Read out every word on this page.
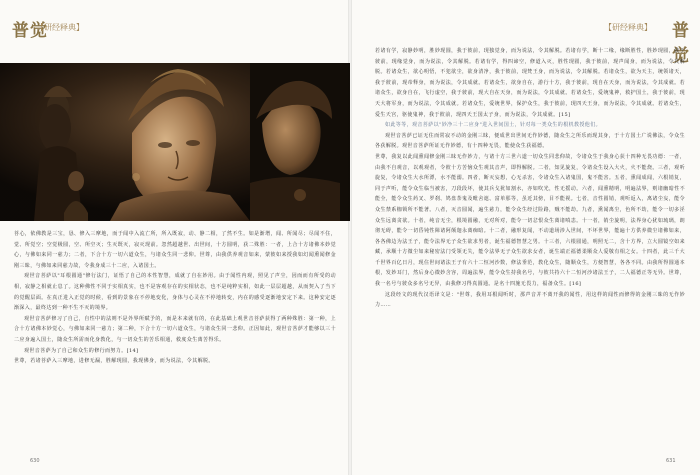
普觉
【研经释典】

菩心，依佛教是三宝，恳、修入三摩地，而于闻中入流亡所，所入既寂，动、静二相，了然不生。如是渐增，闻、所闻尽；尽闻不住，觉、所觉空；空觉极圆，空、所空灭；生灭既灭，寂灭现前。忽然超越世、出世间，十方圆明，获二殊胜：一者，上合十方诸佛本妙觉心，与佛如来同一慈力；二者，下合十方一切六道众生，与诸众生同一悲仰。世尊，由我供养观音如来，蒙彼如来授我如幻闻熏闻修金刚三昧，与佛如来同慈力故，令我身成三十二应，入诸国土。

观世音菩萨以"耳根圆通"修行法门，证悟了自己的本性智慧，成就了自在妙用。由于闻性内观，照见了声尘，因而而有所受的动相，寂静之相就止息了。这种佛性不同于实相真实，也不是客观存在的实相状态，也不是纯粹实相，如此一层层超越，从而契入了当下的觉醒层面。在真正进入正觉的时候，看到的景象在不停地变化，身体与心灵在不停地转变，内在的感受逐渐地安定下来。这种安定逐渐深入，最终达到一种不生不灭的境界。

观世音菩萨修习了自己，自性中的法则不是外界所赋予的，而是本来就有的，在此基础上观世音菩萨获得了两种殊胜：第一种，上合十方诸佛本妙觉心，与佛如来同一慈力；第二种，下合十方一切六道众生，与诸众生同一悲仰。正因如此，观世音菩萨才能够以三十二应身遍入国土，随众生所需而化身教化，与一切众生的苦乐相通，救度众生离苦得乐。

观世音菩萨为了自己和众生的修行而努力。[14]

世尊，若诸菩萨入三摩地，进修无漏，胜解现圆，我现佛身，而为说法，令其解脱。

630
【研经释典】 普觉

若诸有学，寂静妙明，胜妙现圆，我于彼前，现独觉身，而为说法，令其解脱。若诸有学，断十二缘，缘断胜性，胜妙现圆，我于彼前，现缘觉身，而为说法，令其解脱。若诸有学，得四谛空，修道入灭，胜性现圆，我于彼前，现声闻身，而为说法，令其解脱。若诸众生，欲心明悟，不犯欲尘，欲身清净，我于彼前，现梵王身，而为说法，令其解脱。若诸众生，欲为天主，统领诸天，我于彼前，现帝释身，而为说法，令其成就。若诸众生，欲身自在，游行十方，我于彼前，现自在天身，而为说法，令其成就。若诸众生，欲身自在，飞行虚空，我于彼前，现大自在天身，而为说法，令其成就。若诸众生，爱统鬼神，救护国土，我于彼前，现天大将军身，而为说法，令其成就。若诸众生，爱统世界，保护众生，我于彼前，现四天王身，而为说法，令其成就。若诸众生，爱生天宫，驱使鬼神，我于彼前，现四天王国太子身，而为说法，令其成就。[15]

如此等等，观音菩萨以"妙净三十二应身"进入世间国土，针对每一类众生的根机教授他们。

观世音菩萨已证无住而常寂不动的金刚三昧，便成世出世间无作妙德，随众生之所乐而现其身，于十方国土广说佛法，令众生各获解脱。观世音菩萨所证无作妙德，有十四种无畏，能使众生获福德。

世尊，我复以此闻熏闻修金刚三昧无作妙力，与诸十方三世六道一切众生同悲仰故，令诸众生于我身心获十四种无畏功德：一者，由我不自观音，以观观者，令彼十方苦恼众生观其音声，即得解脱。二者，知见旋复，令诸众生设入大火，火不能烧。三者，观听旋复，令诸众生大水所漂，水不能溺。四者，断灭妄想，心无杀害，令诸众生入诸鬼国，鬼不能害。五者，熏闻成闻，六根销复，同于声听，能令众生临当被害，刀段段坏，使其兵戈犹如割水，亦如吹光，性无摇动。六者，闻熏精明，明遍法界，则诸幽暗性不能全，能令众生药叉、罗刹、鸠盘荼鬼及毗舍遮、富单那等，虽近其傍，目不能视。七者，音性圆销，观听返入，离诸尘妄，能令众生禁系枷锁所不能著。八者，灭音圆闻，遍生慈力，能令众生经过险路，贼不能劫。九者，熏闻离尘，色所不劫，能令一切多淫众生远离贪欲。十者，纯音无尘，根境圆融，无对所对，能令一切忿恨众生离诸嗔恚。十一者，销尘旋明，法界身心犹如琉璃，朗彻无碍，能令一切昏钝性障诸阿颠迦永离痴暗。十二者，融形复闻，不动道场涉入世间，不坏世界，能遍十方供养微尘诸佛如来，各各佛边为法王子，能令法界无子众生欲求男者，诞生福德智慧之男。十三者，六根圆通，明照无二，含十方界，立大圆镜空如来藏，承顺十方微尘如来秘密法门受领无失，能令法界无子众生欲求女者，诞生端正福德柔顺众人爱敬有相之女。十四者，此三千大千世界百亿日月，现住世间诸法王子有六十二恒河沙数，修法垂范，教化众生，随顺众生，方便智慧，各各不同。由我所得圆通本根，发妙耳门，然后身心微妙含容，周遍法界，能令众生持我名号，与彼共持六十二恒河沙诸法王子，二人福德正等无异。世尊，我一名号与彼众多名号无异，由我修习得真圆通。是名十四施无畏力，福备众生。[16]

这段经文的现代汉语译文是："世尊，我用耳根闻听时，那声音并不离开我的闻性，用这样的闻性而修得的金刚三昧的无作妙力……

631
